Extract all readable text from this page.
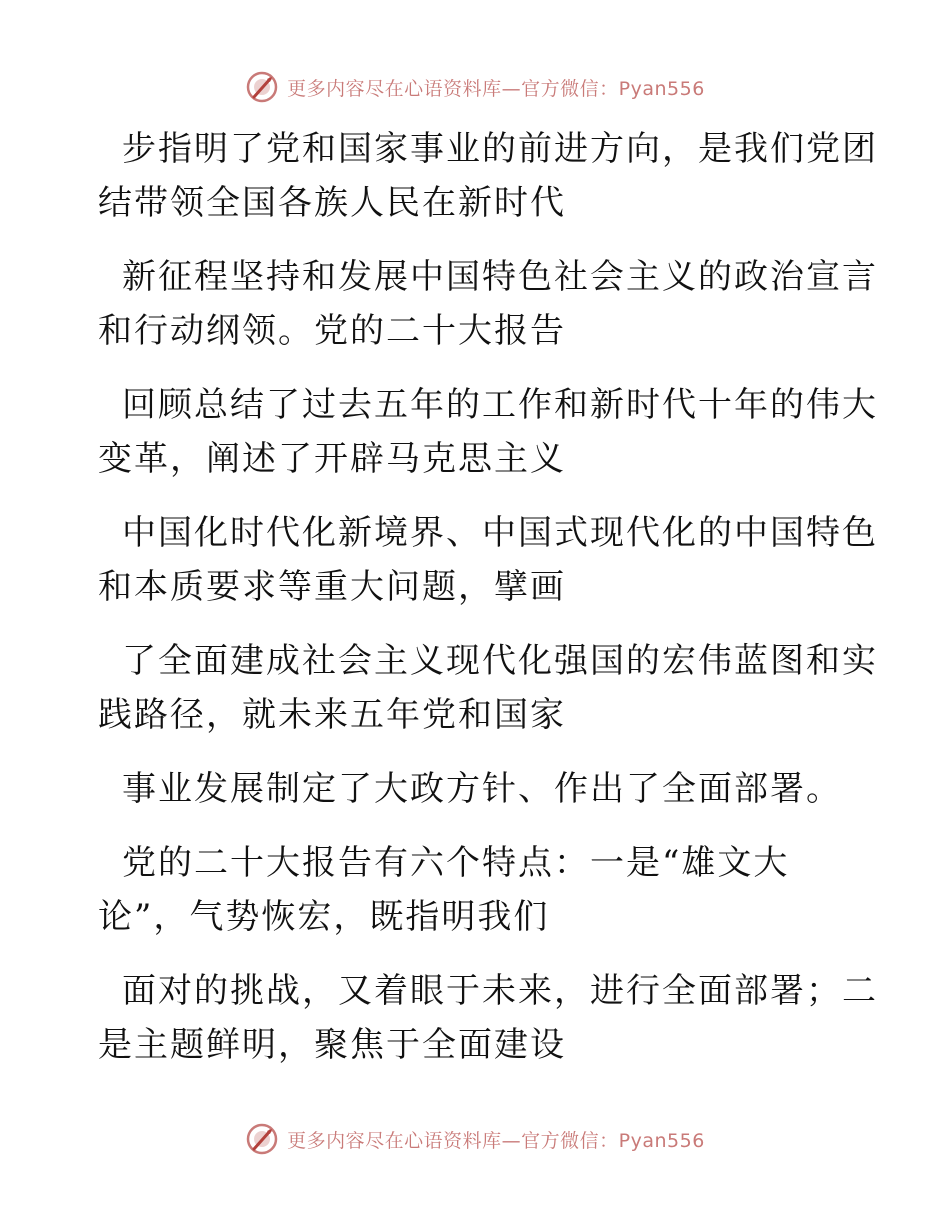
更多内容尽在心语资料库—官方微信：Pyan556

步指明了党和国家事业的前进方向，是我们党团
结带领全国各族人民在新时代

新征程坚持和发展中国特色社会主义的政治宣言
和行动纲领。党的二十大报告

回顾总结了过去五年的工作和新时代十年的伟大
变革，阐述了开辟马克思主义

中国化时代化新境界、中国式现代化的中国特色
和本质要求等重大问题，擘画

了全面建成社会主义现代化强国的宏伟蓝图和实
践路径，就未来五年党和国家

事业发展制定了大政方针、作出了全面部署。

党的二十大报告有六个特点：一是“雄文大
论”，气势恢宏，既指明我们

面对的挑战，又着眼于未来，进行全面部署；二
是主题鲜明，聚焦于全面建设

更多内容尽在心语资料库—官方微信：Pyan556
